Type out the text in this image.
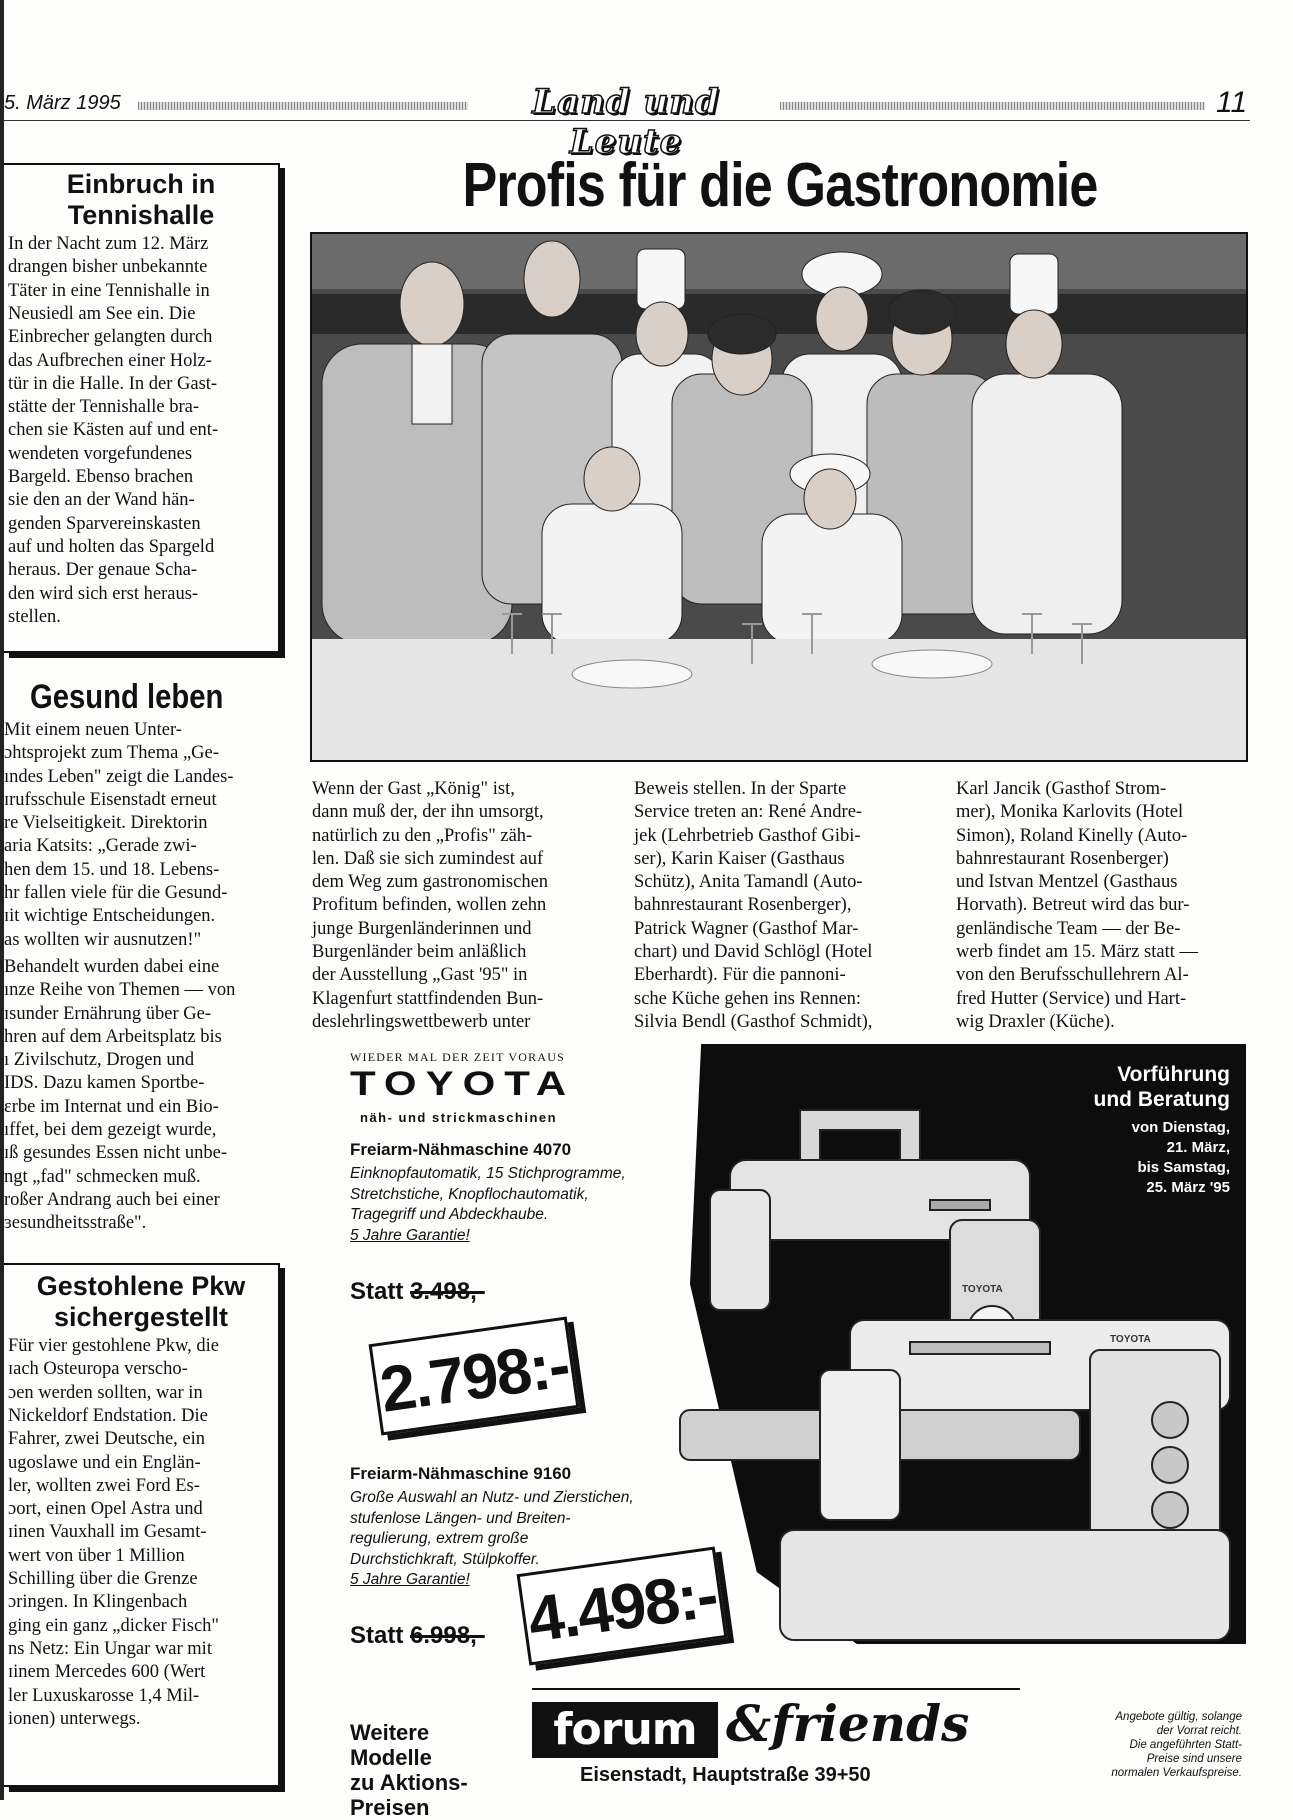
5. März 1995	Land und Leute
11
Einbruch in
Tennishalle
In der Nacht zum 12. März
drangen bisher unbekannte
Täter in eine Tennishalle in
Neusiedl am See ein. Die
Einbrecher gelangten durch
das Aufbrechen einer Holz-
tür in die Halle. In der Gast-
stätte der Tennishalle bra-
chen sie Kästen auf und ent-
wendeten vorgefundenes
Bargeld. Ebenso brachen
sie den an der Wand hän-
genden Sparvereinskasten
auf und holten das Spargeld
heraus. Der genaue Scha-
den wird sich erst heraus-
stellen.
Gesund leben

Mit einem neuen Unter-
ɔhtsprojekt zum Thema „Ge-
ındes Leben" zeigt die Landes-
ɪrufsschule Eisenstadt erneut
re Vielseitigkeit. Direktorin
aria Katsits: „Gerade zwi-
hen dem 15. und 18. Lebens-
hr fallen viele für die Gesund-
ɪit wichtige Entscheidungen.
as wollten wir ausnutzen!"

Behandelt wurden dabei eine
ınze Reihe von Themen — von
ɪsunder Ernährung über Ge-
hren auf dem Arbeitsplatz bis
ı Zivilschutz, Drogen und
IDS. Dazu kamen Sportbe-
ɛrbe im Internat und ein Bio-
ıffet, bei dem gezeigt wurde,
ɪß gesundes Essen nicht unbe-
ngt „fad" schmecken muß.
roßer Andrang auch bei einer
ɜesundheitsstraße".

Gestohlene Pkw
sichergestellt
Für vier gestohlene Pkw, die
ɪach Osteuropa verscho-
ɔen werden sollten, war in
Nickeldorf Endstation. Die
Fahrer, zwei Deutsche, ein
ugoslawe und ein Englän-
ler, wollten zwei Ford Es-
ɔort, einen Opel Astra und
ɪinen Vauxhall im Gesamt-
wert von über 1 Million
Schilling über die Grenze
ɔringen. In Klingenbach
ging ein ganz „dicker Fisch"
ns Netz: Ein Ungar war mit
ɪinem Mercedes 600 (Wert
ler Luxuskarosse 1,4 Mil-
ionen) unterwegs.
Profis für die Gastronomie
Wenn der Gast „König" ist,
dann muß der, der ihn umsorgt,
natürlich zu den „Profis" zäh-
len. Daß sie sich zumindest auf
dem Weg zum gastronomischen
Profitum befinden, wollen zehn
junge Burgenländerinnen und
Burgenländer beim anläßlich
der Ausstellung „Gast '95" in
Klagenfurt stattfindenden Bun-
deslehrlingswettbewerb unter
Beweis stellen. In der Sparte
Service treten an: René Andre-
jek (Lehrbetrieb Gasthof Gibi-
ser), Karin Kaiser (Gasthaus
Schütz), Anita Tamandl (Auto-
bahnrestaurant Rosenberger),
Patrick Wagner (Gasthof Mar-
chart) und David Schlögl (Hotel
Eberhardt). Für die pannoni-
sche Küche gehen ins Rennen:
Silvia Bendl (Gasthof Schmidt),
Karl Jancik (Gasthof Strom-
mer), Monika Karlovits (Hotel
Simon), Roland Kinelly (Auto-
bahnrestaurant Rosenberger)
und Istvan Mentzel (Gasthaus
Horvath). Betreut wird das bur-
genländische Team — der Be-
werb findet am 15. März statt —
von den Berufsschullehrern Al-
fred Hutter (Service) und Hart-
wig Draxler (Küche).
TOYOTA
TOYOTA
WIEDER MAL DER ZEIT VORAUS
TOYOTA
näh- und strickmaschinen
Vorführung
und Beratung
von Dienstag,
21. März,
bis Samstag,
25. März '95
Freiarm-Nähmaschine 4070
Einknopfautomatik, 15 Stichprogramme,
Stretchstiche, Knopflochautomatik,
Tragegriff und Abdeckhaube.
5 Jahre Garantie!
Statt 3.498,-
2.798:-
Freiarm-Nähmaschine 9160
Große Auswahl an Nutz- und Zierstichen,
stufenlose Längen- und Breiten-
regulierung, extrem große
Durchstichkraft, Stülpkoffer.
5 Jahre Garantie!
Statt 6.998,- 4.498:-
Weitere
Modelle
zu Aktions-
Preisen
forum &friends
Eisenstadt, Hauptstraße 39+50
Angebote gültig, solange
der Vorrat reicht.
Die angeführten Statt-
Preise sind unsere
normalen Verkaufspreise.
